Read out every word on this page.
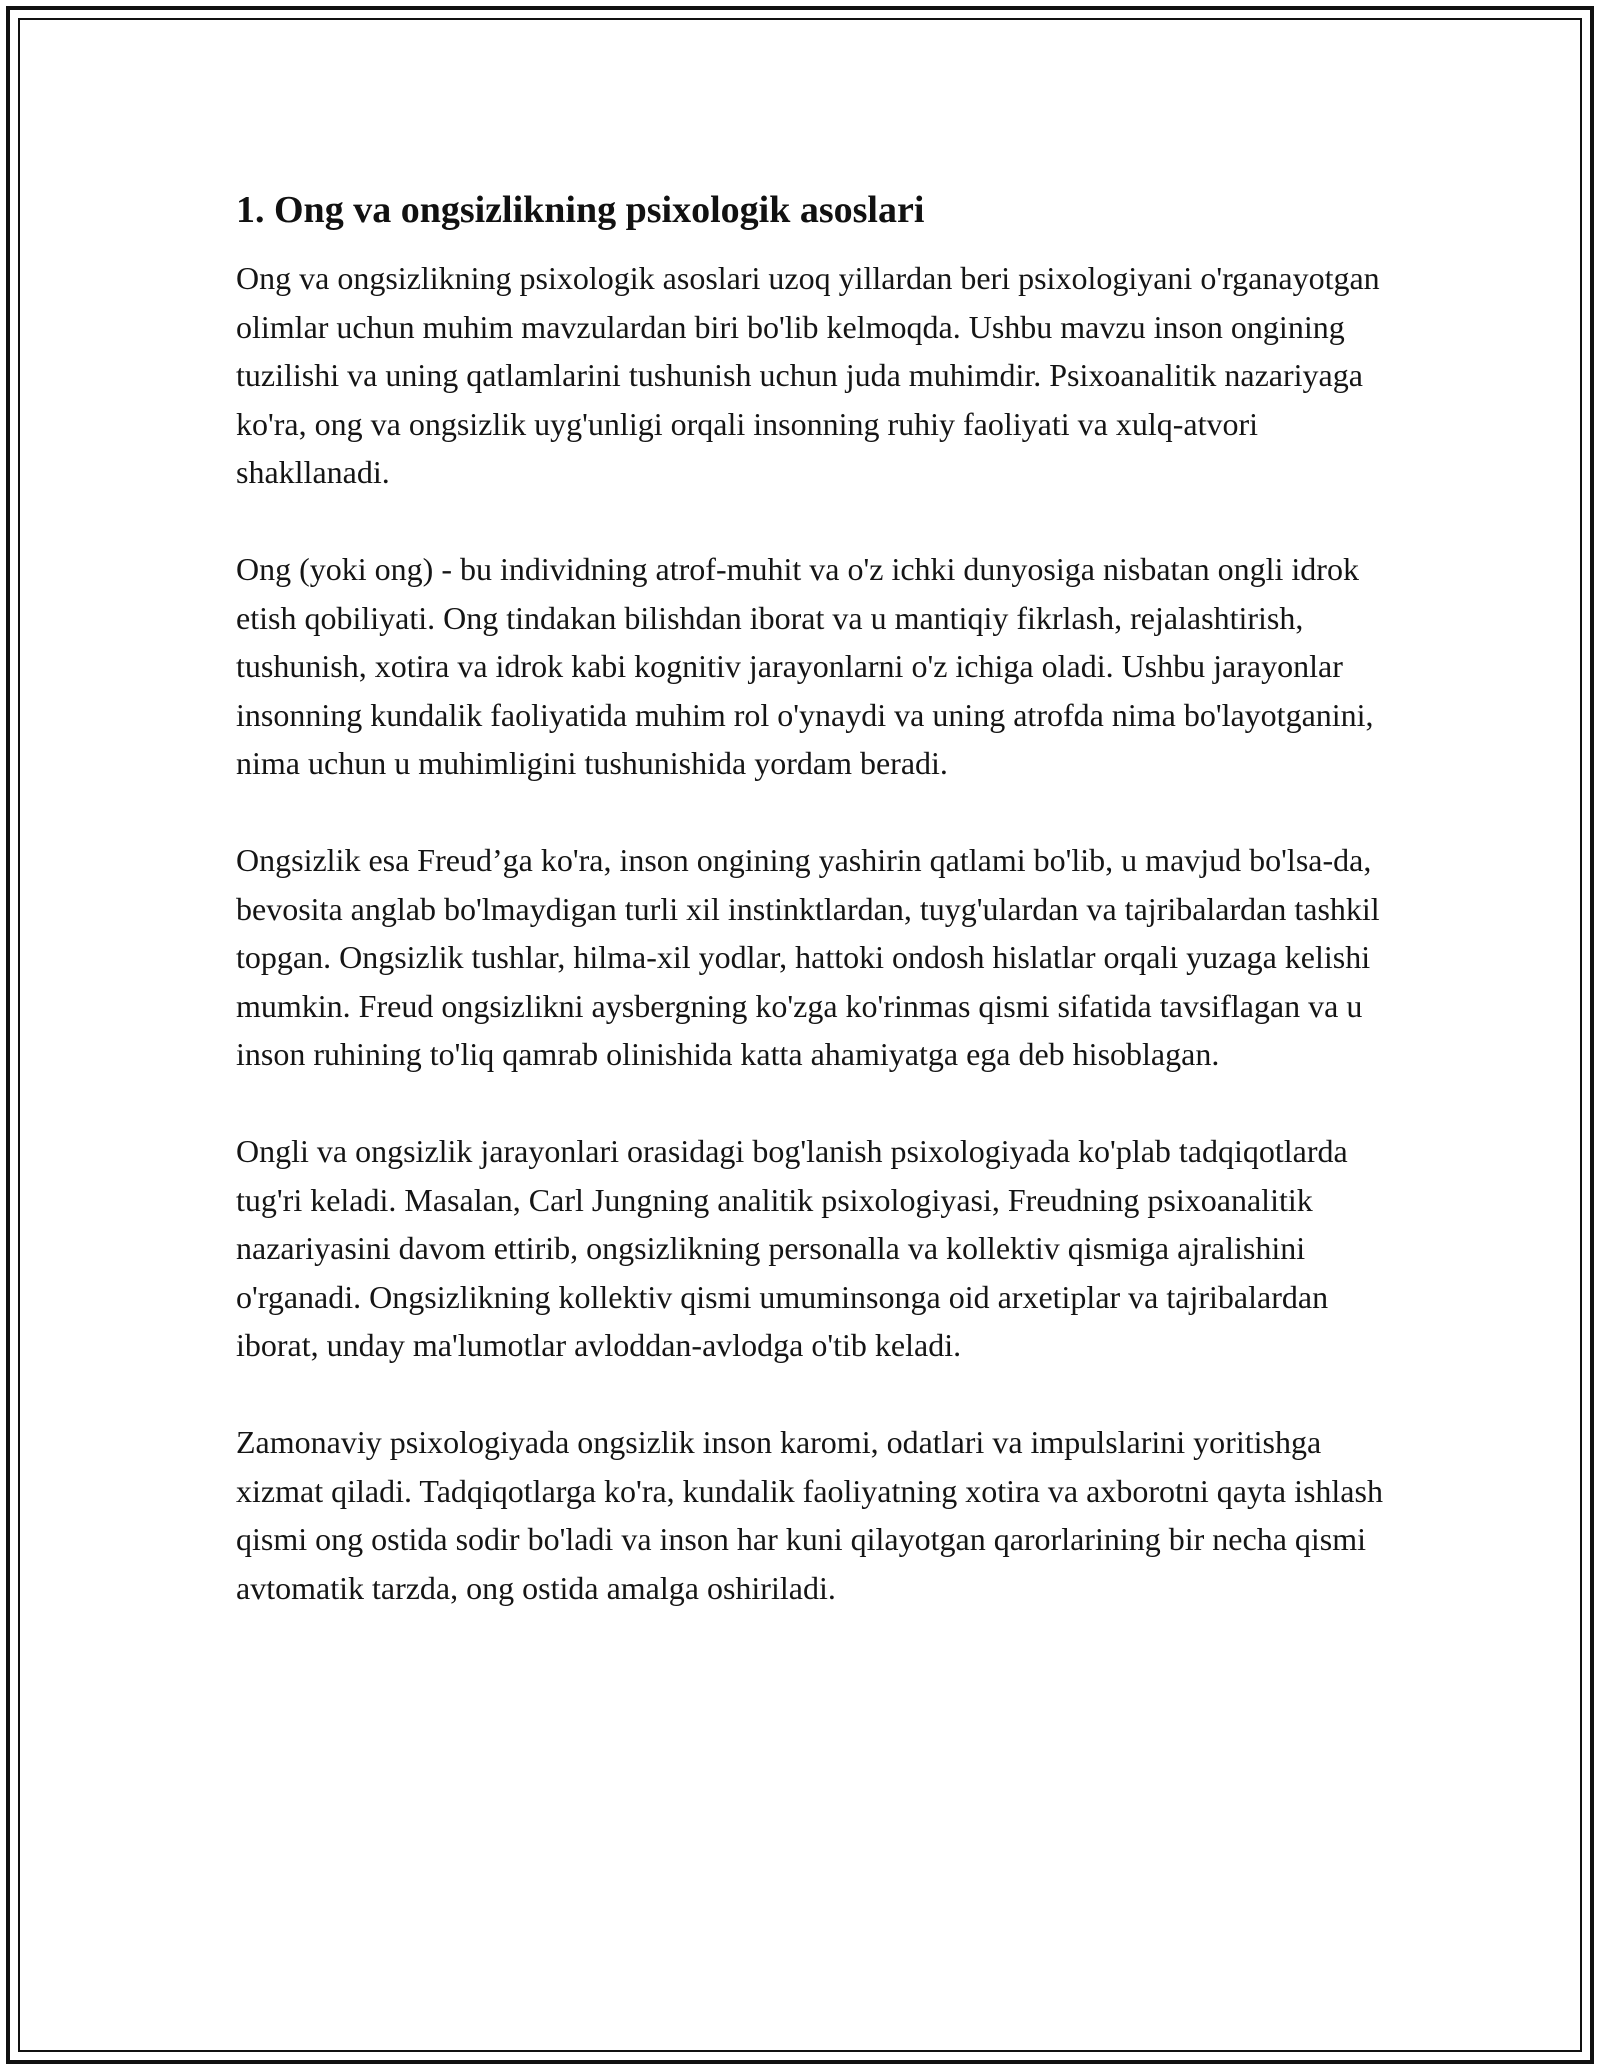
1. Ong va ongsizlikning psixologik asoslari

Ong va ongsizlikning psixologik asoslari uzoq yillardan beri psixologiyani o'rganayotgan olimlar uchun muhim mavzulardan biri bo'lib kelmoqda. Ushbu mavzu inson ongining tuzilishi va uning qatlamlarini tushunish uchun juda muhimdir. Psixoanalitik nazariyaga ko'ra, ong va ongsizlik uyg'unligi orqali insonning ruhiy faoliyati va xulq-atvori shakllanadi.

Ong (yoki ong) - bu individning atrof-muhit va o'z ichki dunyosiga nisbatan ongli idrok etish qobiliyati. Ong tindakan bilishdan iborat va u mantiqiy fikrlash, rejalashtirish, tushunish, xotira va idrok kabi kognitiv jarayonlarni o'z ichiga oladi. Ushbu jarayonlar insonning kundalik faoliyatida muhim rol o'ynaydi va uning atrofda nima bo'layotganini, nima uchun u muhimligini tushunishida yordam beradi.

Ongsizlik esa Freud’ga ko'ra, inson ongining yashirin qatlami bo'lib, u mavjud bo'lsa-da, bevosita anglab bo'lmaydigan turli xil instinktlardan, tuyg'ulardan va tajribalardan tashkil topgan. Ongsizlik tushlar, hilma-xil yodlar, hattoki ondosh hislatlar orqali yuzaga kelishi mumkin. Freud ongsizlikni aysbergning ko'zga ko'rinmas qismi sifatida tavsiflagan va u inson ruhining to'liq qamrab olinishida katta ahamiyatga ega deb hisoblagan.

Ongli va ongsizlik jarayonlari orasidagi bog'lanish psixologiyada ko'plab tadqiqotlarda tug'ri keladi. Masalan, Carl Jungning analitik psixologiyasi, Freudning psixoanalitik nazariyasini davom ettirib, ongsizlikning personalla va kollektiv qismiga ajralishini o'rganadi. Ongsizlikning kollektiv qismi umuminsonga oid arxetiplar va tajribalardan iborat, unday ma'lumotlar avloddan-avlodga o'tib keladi.

Zamonaviy psixologiyada ongsizlik inson karomi, odatlari va impulslarini yoritishga xizmat qiladi. Tadqiqotlarga ko'ra, kundalik faoliyatning xotira va axborotni qayta ishlash qismi ong ostida sodir bo'ladi va inson har kuni qilayotgan qarorlarining bir necha qismi avtomatik tarzda, ong ostida amalga oshiriladi.
